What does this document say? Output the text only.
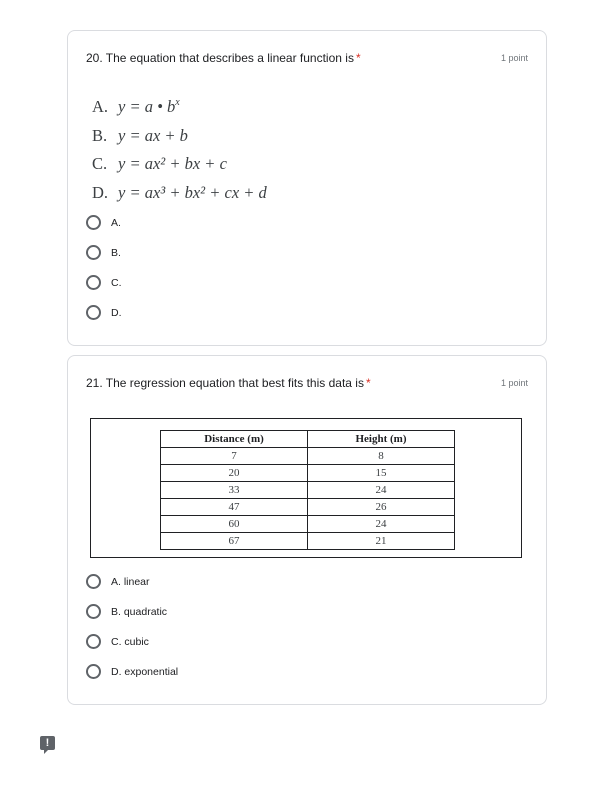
20. The equation that describes a linear function is *	1 point
A. y = a • $b^x$
B. y = ax + b
C. y = ax² + bx + c
D. y = ax³ + bx² + cx + d
A.
B.
C.
D.
21. The regression equation that best fits this data is *	1 point
Distance (m)	Height (m)
7	8
20	15
33	24
47	26
60	24
67	21
A. linear
B. quadratic
C. cubic
D. exponential
!
